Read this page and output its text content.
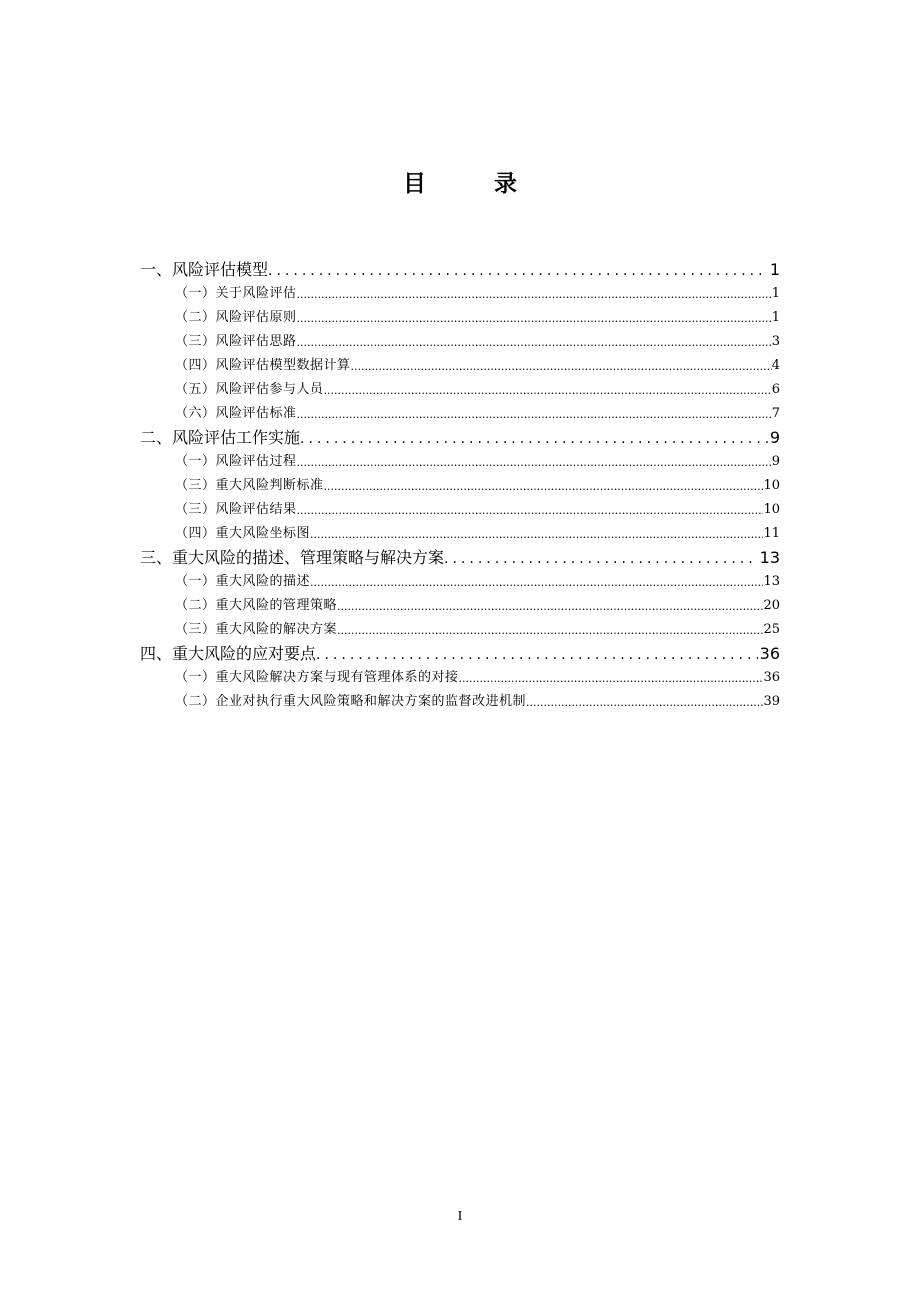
目 录
一、风险评估模型 .....	1
（一）关于风险评估 .....	1
（二）风险评估原则 .....	1
（三）风险评估思路 .....	3
（四）风险评估模型数据计算 .....	4
（五）风险评估参与人员 .....	6
（六）风险评估标准 .....	7
二、风险评估工作实施 .....	9
（一）风险评估过程 .....	9
（三）重大风险判断标准 .....	10
（三）风险评估结果 .....	10
（四）重大风险坐标图 .....	11
三、重大风险的描述、管理策略与解决方案 .....	13
（一）重大风险的描述 .....	13
（二）重大风险的管理策略 .....	20
（三）重大风险的解决方案 .....	25
四、重大风险的应对要点 .....	36
（一）重大风险解决方案与现有管理体系的对接 .....	36
（二）企业对执行重大风险策略和解决方案的监督改进机制 .....	39
I
